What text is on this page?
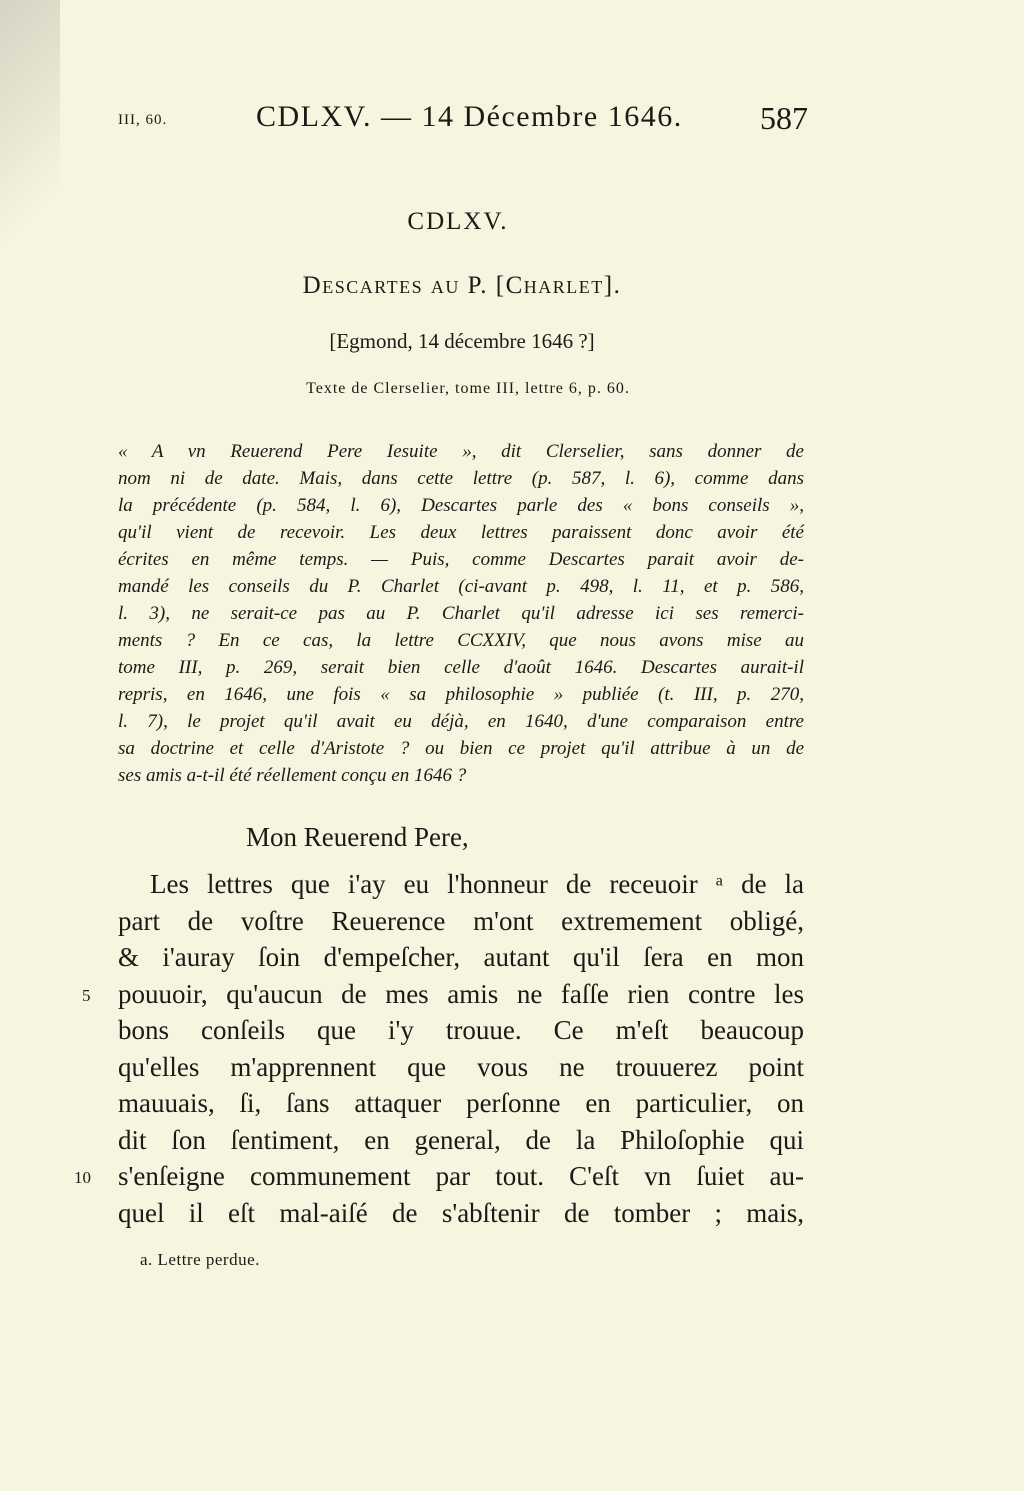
III, 60.	CDLXV. — 14 Décembre 1646. 587
CDLXV.
Descartes au P. [Charlet].
[Egmond, 14 décembre 1646 ?]
Texte de Clerselier, tome III, lettre 6, p. 60.
« A vn Reuerend Pere Iesuite », dit Clerselier, sans donner de
nom ni de date. Mais, dans cette lettre (p. 587, l. 6), comme dans
la précédente (p. 584, l. 6), Descartes parle des « bons conseils »,
qu'il vient de recevoir. Les deux lettres paraissent donc avoir été
écrites en même temps. — Puis, comme Descartes parait avoir de-
mandé les conseils du P. Charlet (ci-avant p. 498, l. 11, et p. 586,
l. 3), ne serait-ce pas au P. Charlet qu'il adresse ici ses remerci-
ments ? En ce cas, la lettre CCXXIV, que nous avons mise au
tome III, p. 269, serait bien celle d'août 1646. Descartes aurait-il
repris, en 1646, une fois « sa philosophie » publiée (t. III, p. 270,
l. 7), le projet qu'il avait eu déjà, en 1640, d'une comparaison entre
sa doctrine et celle d'Aristote ? ou bien ce projet qu'il attribue à un de
ses amis a-t-il été réellement conçu en 1646 ?
Mon Reuerend Pere,
Les lettres que i'ay eu l'honneur de receuoir ᵃ de la
part de voſtre Reuerence m'ont extremement obligé,
& i'auray ſoin d'empeſcher, autant qu'il ſera en mon
pouuoir, qu'aucun de mes amis ne faſſe rien contre les
bons conſeils que i'y trouue. Ce m'eſt beaucoup
qu'elles m'apprennent que vous ne trouuerez point
mauuais, ſi, ſans attaquer perſonne en particulier, on
dit ſon ſentiment, en general, de la Philoſophie qui
s'enſeigne communement par tout. C'eſt vn ſuiet au-
quel il eſt mal-aiſé de s'abſtenir de tomber ; mais,
5
10
a. Lettre perdue.
